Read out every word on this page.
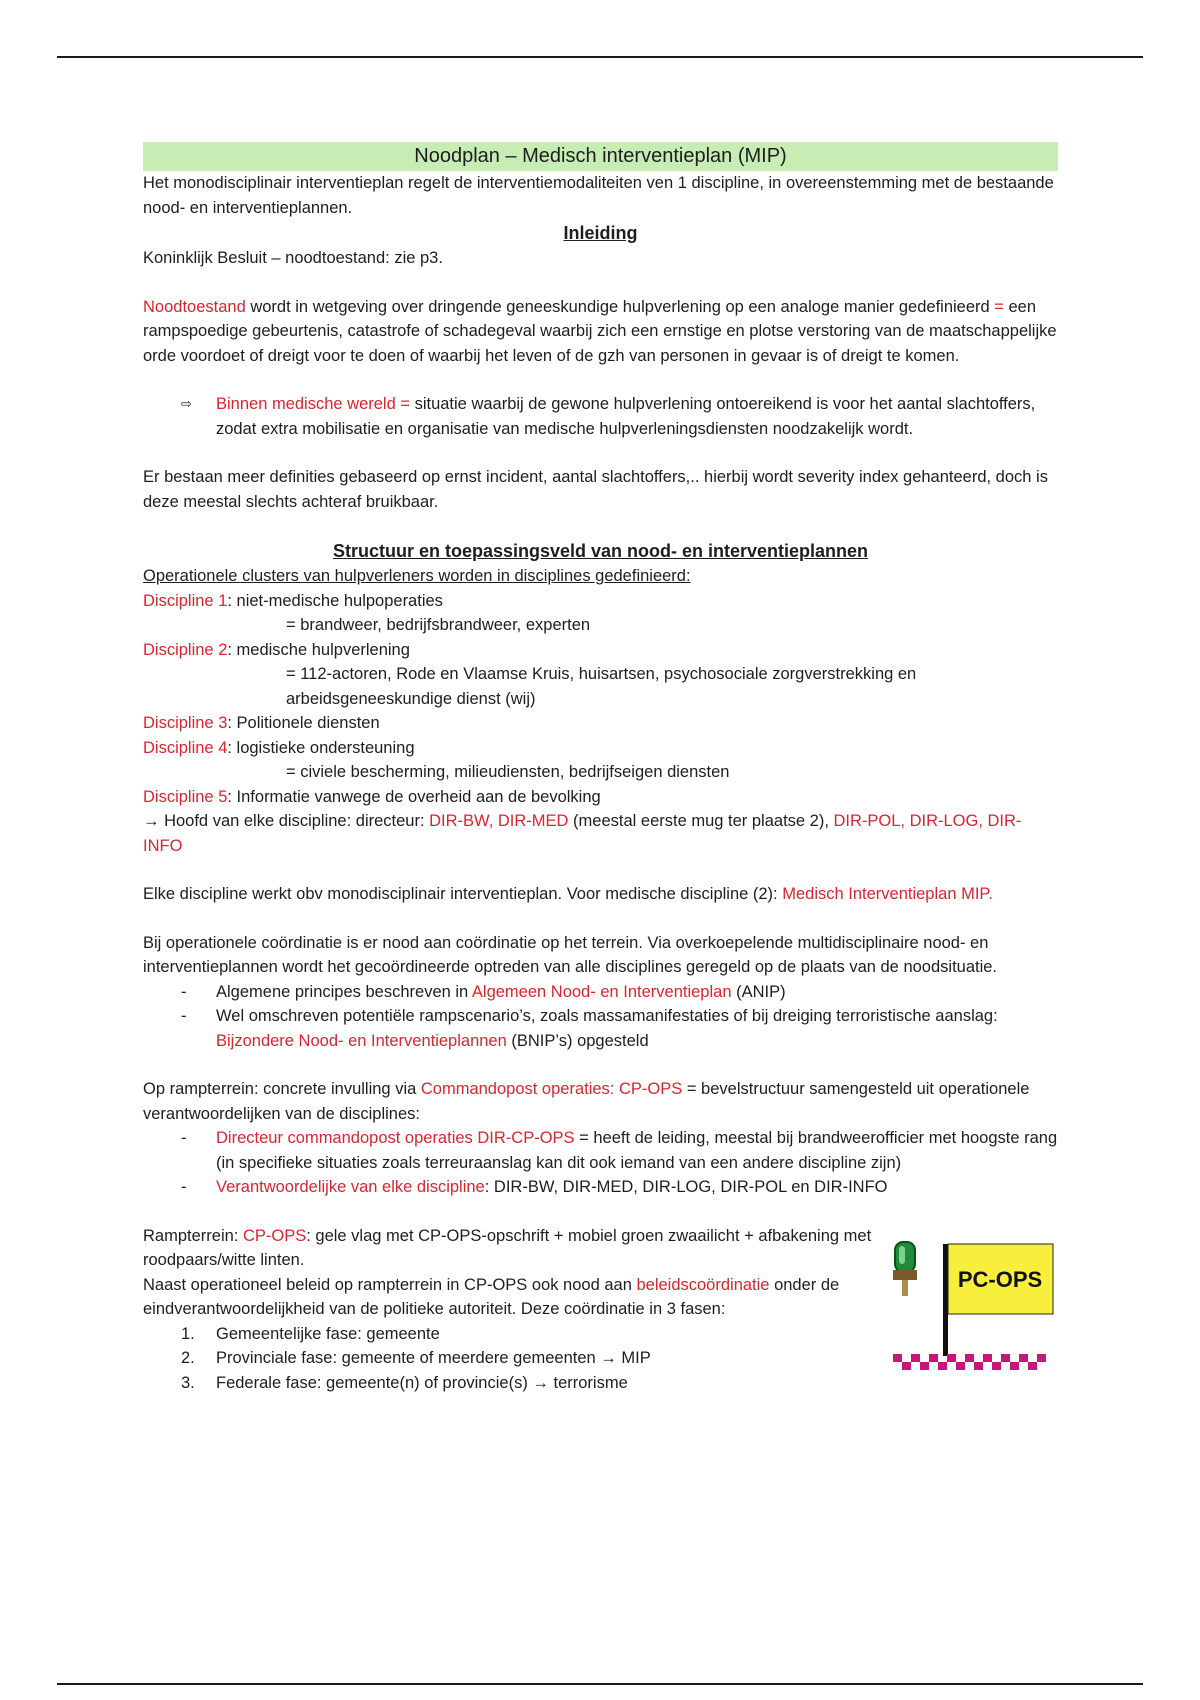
Noodplan – Medisch interventieplan (MIP)

Het monodisciplinair interventieplan regelt de interventiemodaliteiten ven 1 discipline, in overeenstemming met de bestaande nood- en interventieplannen.

Inleiding

Koninklijk Besluit – noodtoestand: zie p3.

Noodtoestand wordt in wetgeving over dringende geneeskundige hulpverlening op een analoge manier gedefinieerd = een rampspoedige gebeurtenis, catastrofe of schadegeval waarbij zich een ernstige en plotse verstoring van de maatschappelijke orde voordoet of dreigt voor te doen of waarbij het leven of de gzh van personen in gevaar is of dreigt te komen.

⇨	Binnen medische wereld = situatie waarbij de gewone hulpverlening ontoereikend is voor het aantal slachtoffers, zodat extra mobilisatie en organisatie van medische hulpverleningsdiensten noodzakelijk wordt.

Er bestaan meer definities gebaseerd op ernst incident, aantal slachtoffers,.. hierbij wordt severity index gehanteerd, doch is deze meestal slechts achteraf bruikbaar.

Structuur en toepassingsveld van nood- en interventieplannen

Operationele clusters van hulpverleners worden in disciplines gedefinieerd:

Discipline 1: niet-medische hulpoperaties

= brandweer, bedrijfsbrandweer, experten

Discipline 2: medische hulpverlening

= 112-actoren, Rode en Vlaamse Kruis, huisartsen, psychosociale zorgverstrekking en arbeidsgeneeskundige dienst (wij)

Discipline 3: Politionele diensten

Discipline 4: logistieke ondersteuning

= civiele bescherming, milieudiensten, bedrijfseigen diensten

Discipline 5: Informatie vanwege de overheid aan de bevolking

→ Hoofd van elke discipline: directeur: DIR-BW, DIR-MED (meestal eerste mug ter plaatse 2), DIR-POL, DIR-LOG, DIR-INFO

Elke discipline werkt obv monodisciplinair interventieplan. Voor medische discipline (2): Medisch Interventieplan MIP.

Bij operationele coördinatie is er nood aan coördinatie op het terrein. Via overkoepelende multidisciplinaire nood- en interventieplannen wordt het gecoördineerde optreden van alle disciplines geregeld op de plaats van de noodsituatie.

-	Algemene principes beschreven in Algemeen Nood- en Interventieplan (ANIP)

-	Wel omschreven potentiële rampscenario’s, zoals massamanifestaties of bij dreiging terroristische aanslag: Bijzondere Nood- en Interventieplannen (BNIP’s) opgesteld

Op rampterrein: concrete invulling via Commandopost operaties: CP-OPS = bevelstructuur samengesteld uit operationele verantwoordelijken van de disciplines:

-	Directeur commandopost operaties DIR-CP-OPS = heeft de leiding, meestal bij brandweerofficier met hoogste rang (in specifieke situaties zoals terreuraanslag kan dit ook iemand van een andere discipline zijn)

-	Verantwoordelijke van elke discipline: DIR-BW, DIR-MED, DIR-LOG, DIR-POL en DIR-INFO

Rampterrein: CP-OPS: gele vlag met CP-OPS-opschrift + mobiel groen zwaailicht + afbakening met roodpaars/witte linten.

Naast operationeel beleid op rampterrein in CP-OPS ook nood aan beleidscoördinatie onder de eindverantwoordelijkheid van de politieke autoriteit. Deze coördinatie in 3 fasen:

1.	Gemeentelijke fase: gemeente
2.	Provinciale fase: gemeente of meerdere gemeenten → MIP
3.	Federale fase: gemeente(n) of provincie(s) → terrorisme
PC-OPS
